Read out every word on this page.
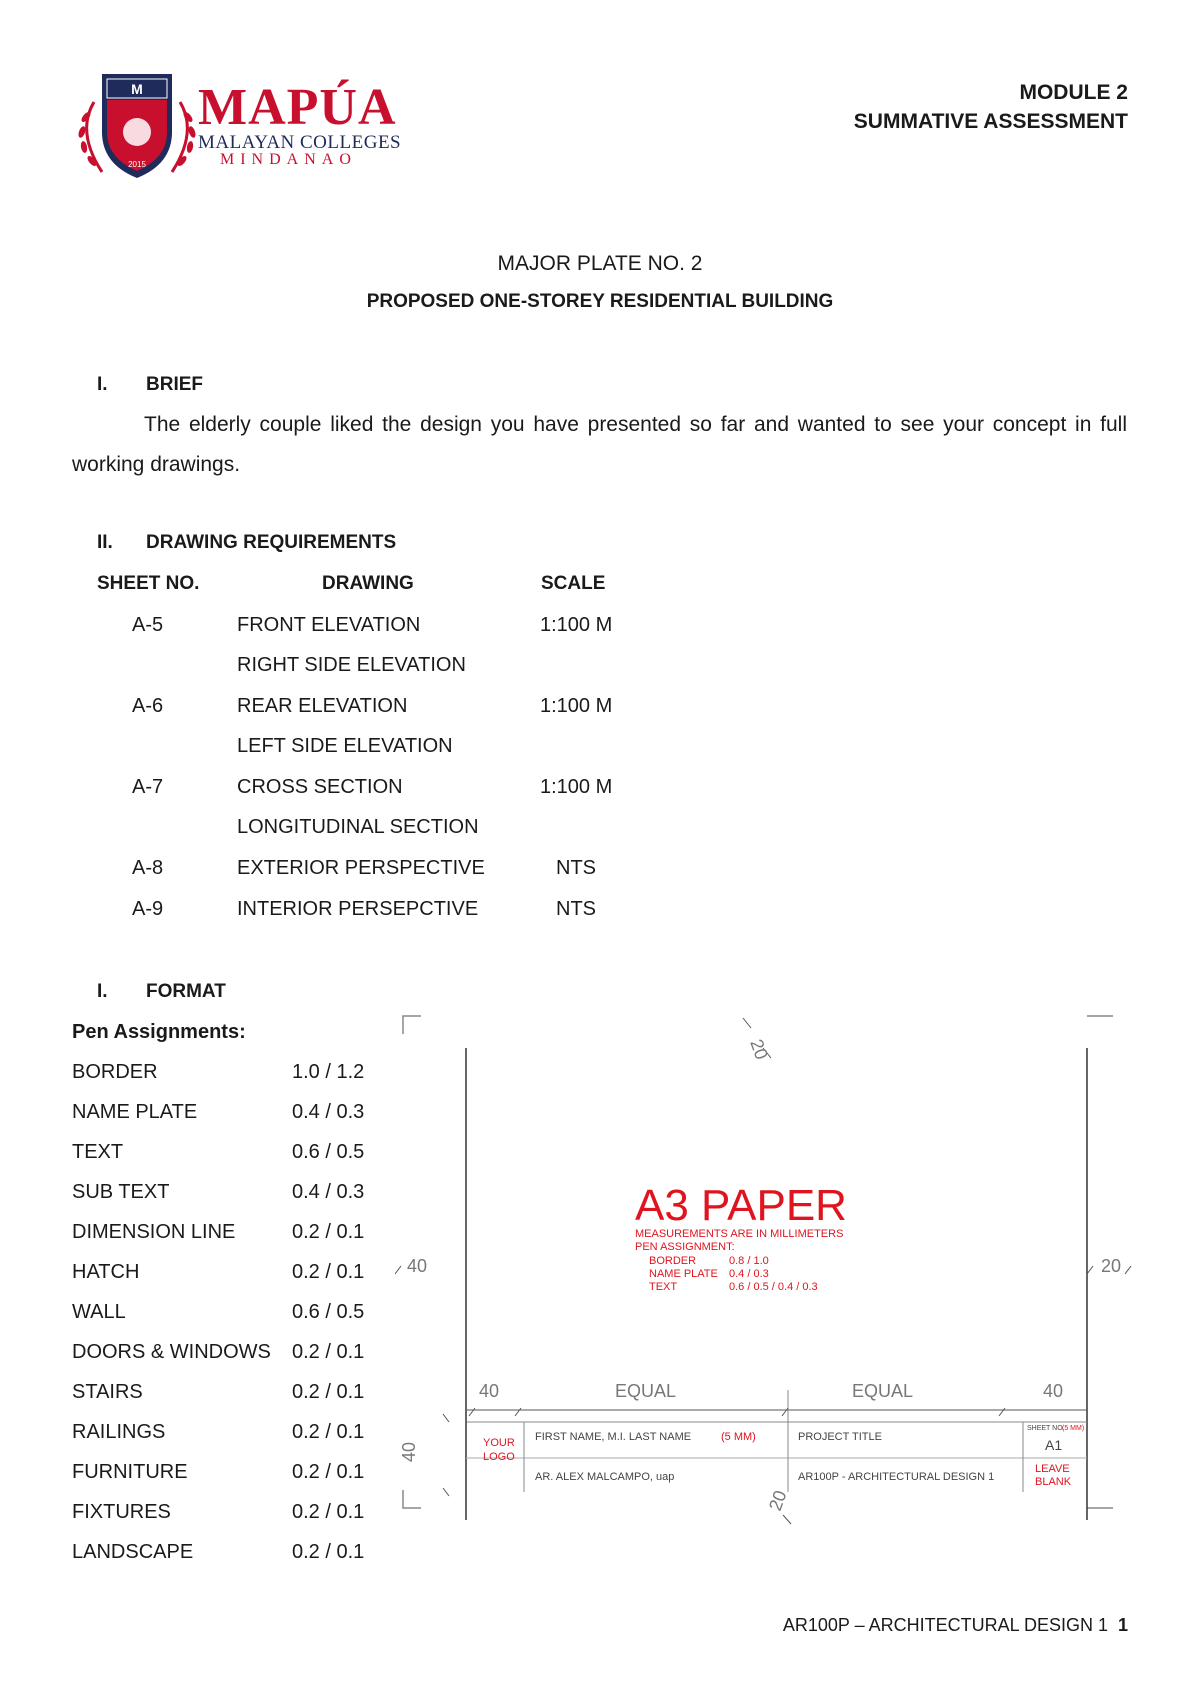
M
2015
MAPÚA
MALAYAN COLLEGES
MINDANAO
MODULE 2
SUMMATIVE ASSESSMENT
MAJOR PLATE NO. 2
PROPOSED ONE-STOREY RESIDENTIAL BUILDING
I. BRIEF
The elderly couple liked the design you have presented so far and wanted to see your concept in full working drawings.
II. DRAWING REQUIREMENTS
SHEET NO.	DRAWING	SCALE
A-5	FRONT ELEVATION	1:100 M
RIGHT SIDE ELEVATION
A-6	REAR ELEVATION	1:100 M
LEFT SIDE ELEVATION
A-7	CROSS SECTION	1:100 M
LONGITUDINAL SECTION
A-8	EXTERIOR PERSPECTIVE	NTS
A-9	INTERIOR PERSEPCTIVE	NTS
I. FORMAT
Pen Assignments:
BORDER	1.0 / 1.2
NAME PLATE	0.4 / 0.3
TEXT	0.6 / 0.5
SUB TEXT	0.4 / 0.3
DIMENSION LINE	0.2 / 0.1
HATCH	0.2 / 0.1
WALL	0.6 / 0.5
DOORS & WINDOWS 0.2 / 0.1
STAIRS	0.2 / 0.1
RAILINGS	0.2 / 0.1
FURNITURE	0.2 / 0.1
FIXTURES	0.2 / 0.1
LANDSCAPE	0.2 / 0.1
20
40	20
40	EQUAL	EQUAL	40
40
20
A3 PAPER
MEASUREMENTS ARE IN MILLIMETERS
PEN ASSIGNMENT:
BORDER	0.8 / 1.0
NAME PLATE 0.4 / 0.3
TEXT	0.6 / 0.5 / 0.4 / 0.3
YOUR
LOGO
FIRST NAME, M.I. LAST NAME	(5 MM)
AR. ALEX MALCAMPO, uap
PROJECT TITLE
AR100P - ARCHITECTURAL DESIGN 1
SHEET NO.
(5 MM)
A1
LEAVE
BLANK
AR100P – ARCHITECTURAL DESIGN 1 1
